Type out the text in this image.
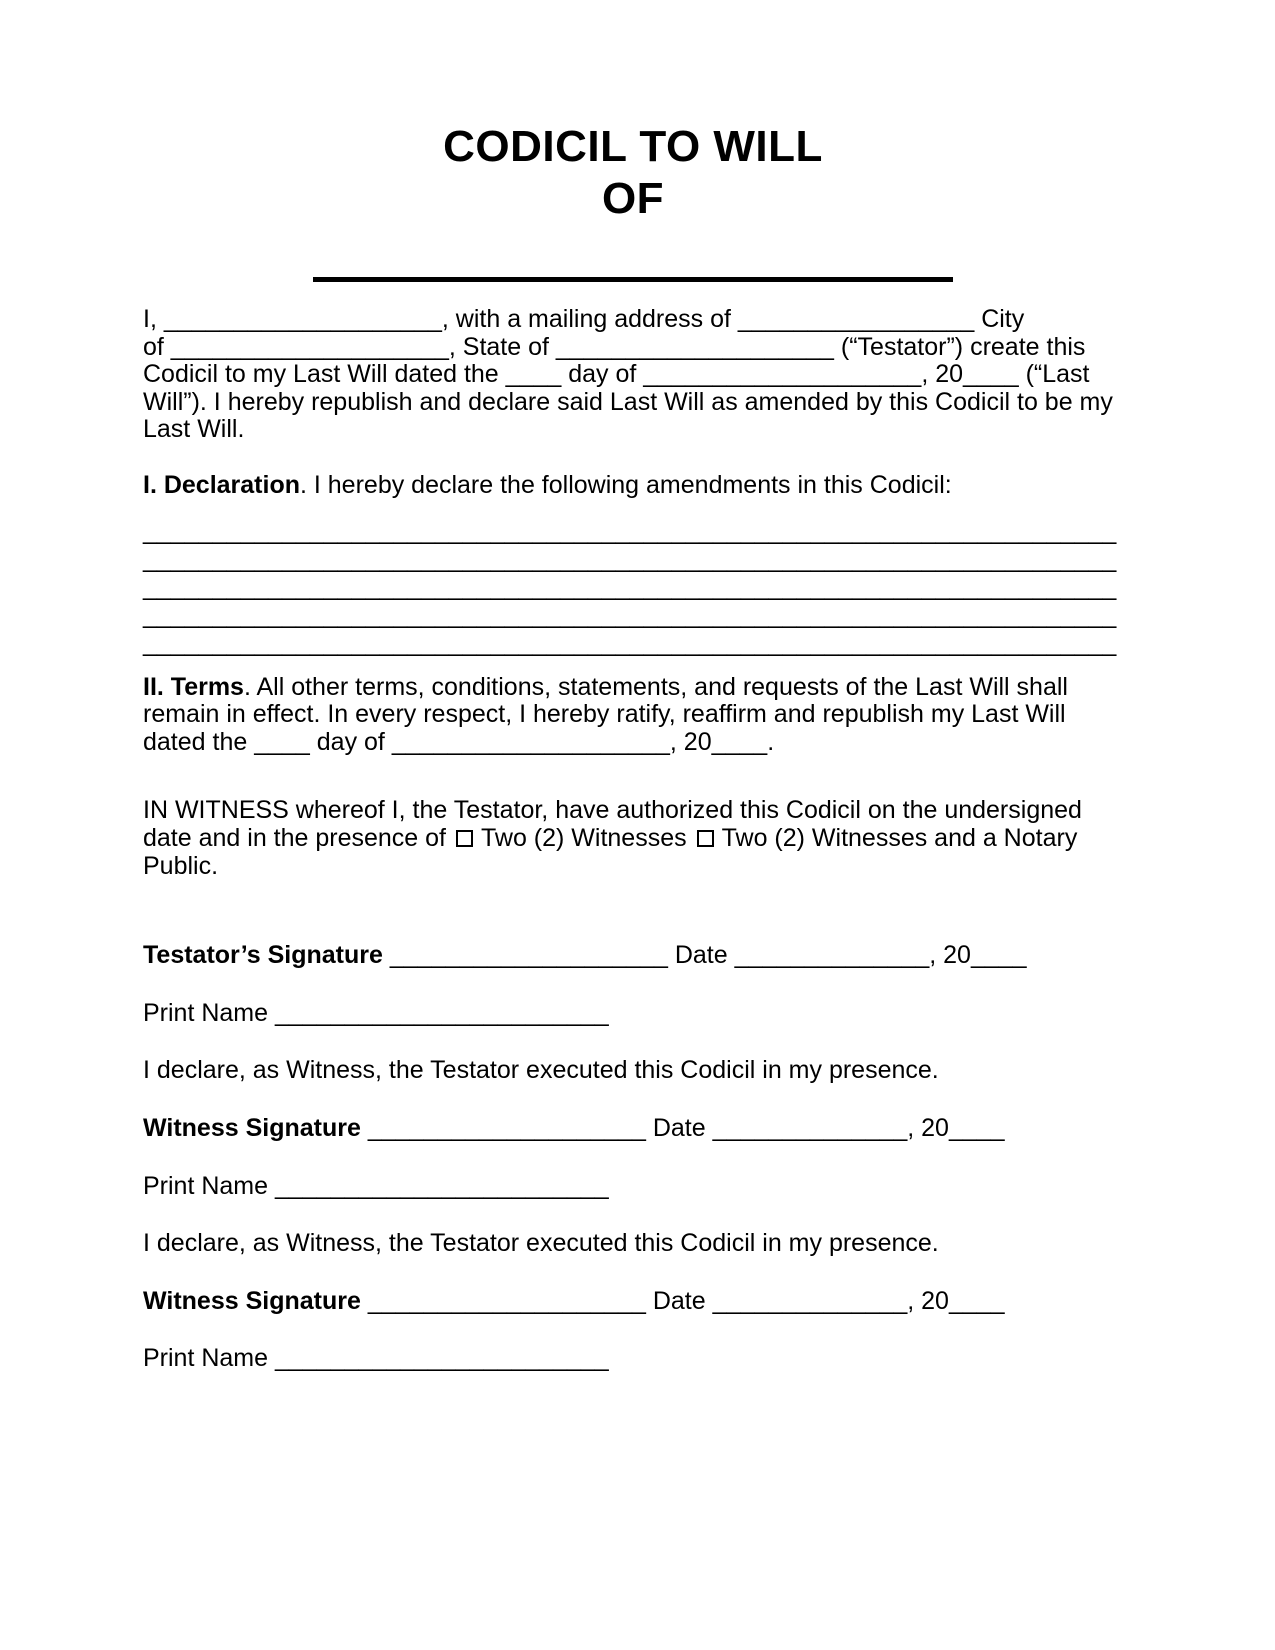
CODICIL TO WILL
OF
I, ____________________, with a mailing address of _________________ City
of ____________________, State of ____________________ (“Testator”) create this
Codicil to my Last Will dated the ____ day of ____________________, 20____ (“Last
Will”). I hereby republish and declare said Last Will as amended by this Codicil to be my
Last Will.
I. Declaration. I hereby declare the following amendments in this Codicil:
______________________________________________________________________
______________________________________________________________________
______________________________________________________________________
______________________________________________________________________
______________________________________________________________________
II. Terms. All other terms, conditions, statements, and requests of the Last Will shall
remain in effect. In every respect, I hereby ratify, reaffirm and republish my Last Will
dated the ____ day of ____________________, 20____.
IN WITNESS whereof I, the Testator, have authorized this Codicil on the undersigned
date and in the presence of Two (2) Witnesses Two (2) Witnesses and a Notary
Public.
Testator’s Signature ____________________ Date ______________, 20____
Print Name ________________________
I declare, as Witness, the Testator executed this Codicil in my presence.
Witness Signature ____________________ Date ______________, 20____
Print Name ________________________
I declare, as Witness, the Testator executed this Codicil in my presence.
Witness Signature ____________________ Date ______________, 20____
Print Name ________________________
